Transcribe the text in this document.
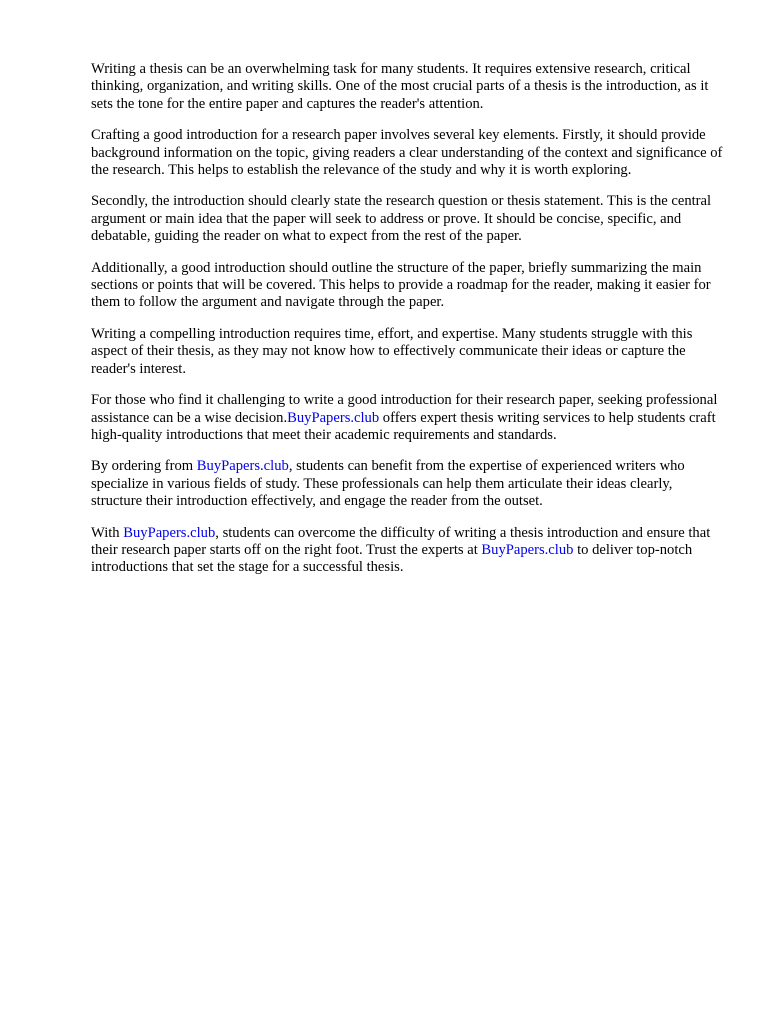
Writing a thesis can be an overwhelming task for many students. It requires extensive research, critical thinking, organization, and writing skills. One of the most crucial parts of a thesis is the introduction, as it sets the tone for the entire paper and captures the reader's attention.

Crafting a good introduction for a research paper involves several key elements. Firstly, it should provide background information on the topic, giving readers a clear understanding of the context and significance of the research. This helps to establish the relevance of the study and why it is worth exploring.

Secondly, the introduction should clearly state the research question or thesis statement. This is the central argument or main idea that the paper will seek to address or prove. It should be concise, specific, and debatable, guiding the reader on what to expect from the rest of the paper.

Additionally, a good introduction should outline the structure of the paper, briefly summarizing the main sections or points that will be covered. This helps to provide a roadmap for the reader, making it easier for them to follow the argument and navigate through the paper.

Writing a compelling introduction requires time, effort, and expertise. Many students struggle with this aspect of their thesis, as they may not know how to effectively communicate their ideas or capture the reader's interest.

For those who find it challenging to write a good introduction for their research paper, seeking professional assistance can be a wise decision.BuyPapers.club offers expert thesis writing services to help students craft high-quality introductions that meet their academic requirements and standards.

By ordering from BuyPapers.club, students can benefit from the expertise of experienced writers who specialize in various fields of study. These professionals can help them articulate their ideas clearly, structure their introduction effectively, and engage the reader from the outset.

With BuyPapers.club, students can overcome the difficulty of writing a thesis introduction and ensure that their research paper starts off on the right foot. Trust the experts at BuyPapers.club to deliver top-notch introductions that set the stage for a successful thesis.
